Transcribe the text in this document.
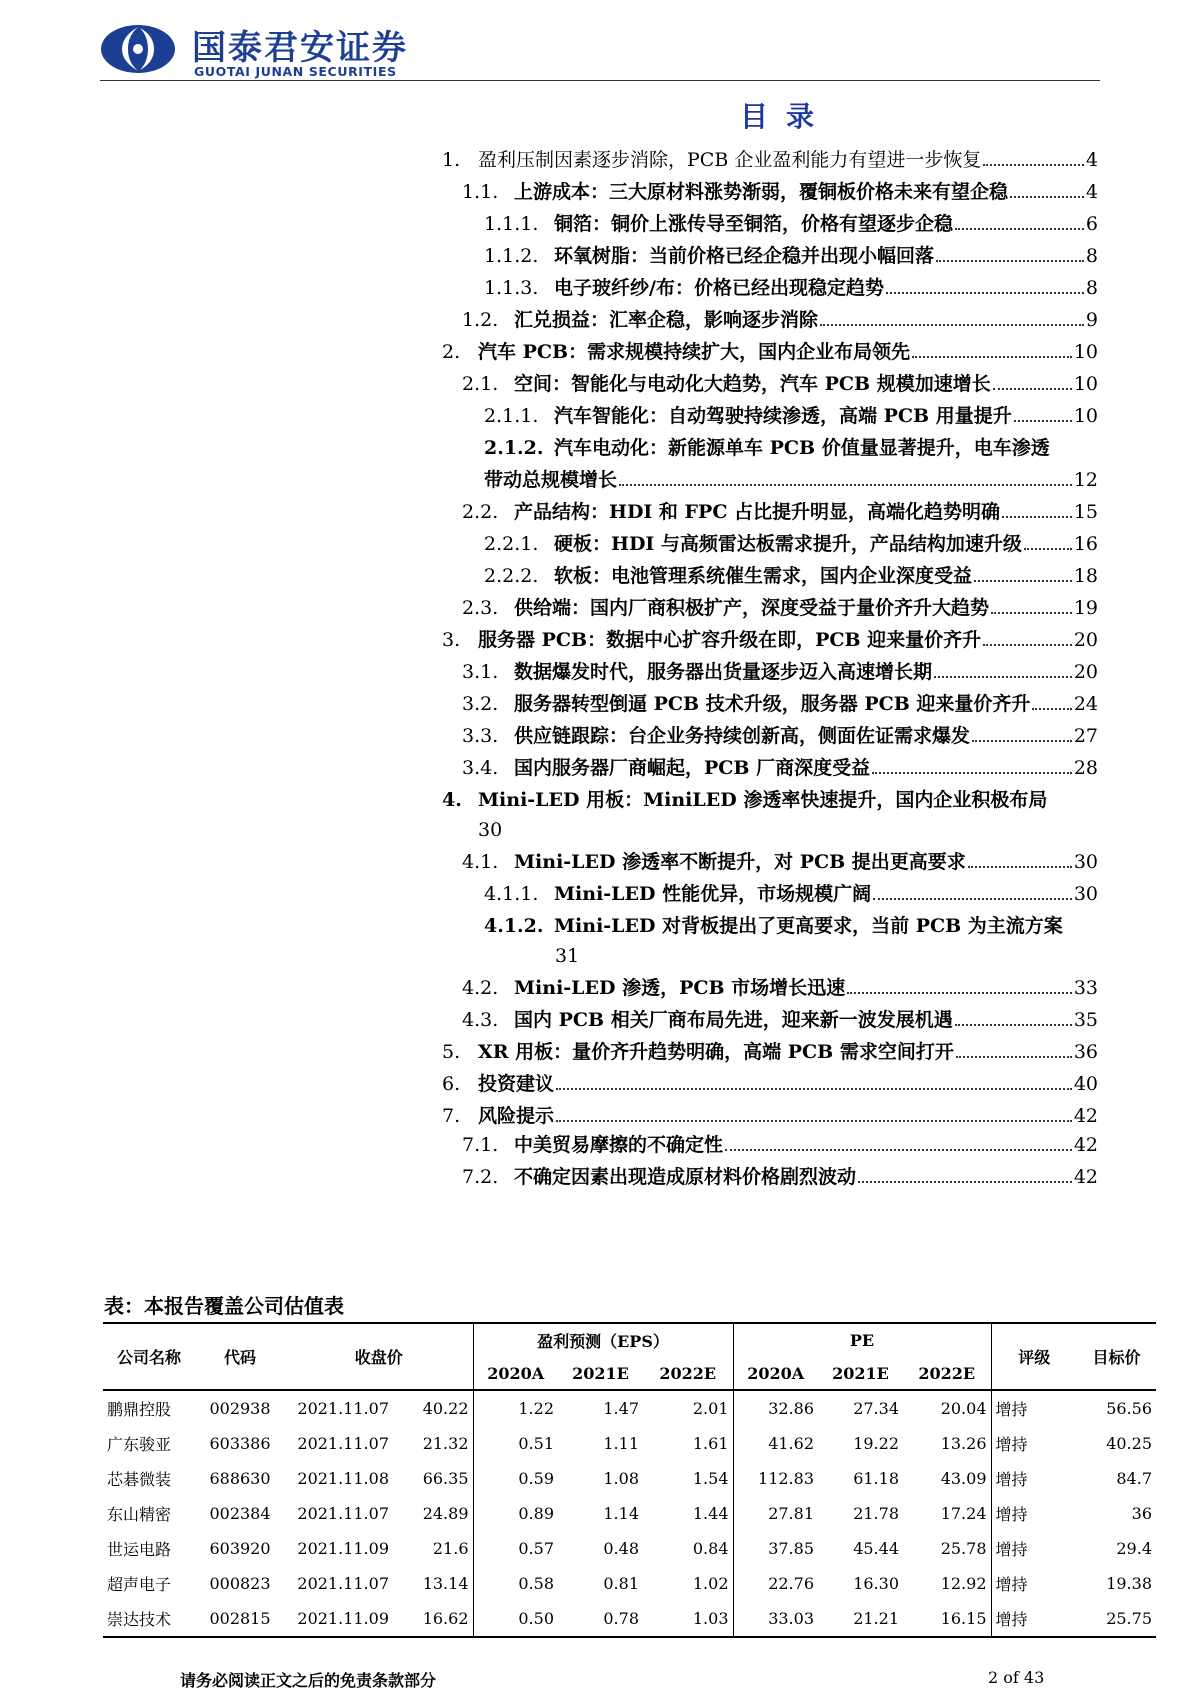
国泰君安证券
GUOTAI JUNAN SECURITIES
目录
1. 盈利压制因素逐步消除，PCB 企业盈利能力有望进一步恢复	4
1.1. 上游成本：三大原材料涨势渐弱，覆铜板价格未来有望企稳	4
1.1.1. 铜箔：铜价上涨传导至铜箔，价格有望逐步企稳	6
1.1.2. 环氧树脂：当前价格已经企稳并出现小幅回落	8
1.1.3. 电子玻纤纱/布：价格已经出现稳定趋势	8
1.2. 汇兑损益：汇率企稳，影响逐步消除	9
2. 汽车 PCB：需求规模持续扩大，国内企业布局领先	10
2.1. 空间：智能化与电动化大趋势，汽车 PCB 规模加速增长	10
2.1.1. 汽车智能化：自动驾驶持续渗透，高端 PCB 用量提升	10
2.1.2. 汽车电动化：新能源单车 PCB 价值量显著提升，电车渗透
带动总规模增长	12
2.2. 产品结构：HDI 和 FPC 占比提升明显，高端化趋势明确	15
2.2.1. 硬板：HDI 与高频雷达板需求提升，产品结构加速升级	16
2.2.2. 软板：电池管理系统催生需求，国内企业深度受益	18
2.3. 供给端：国内厂商积极扩产，深度受益于量价齐升大趋势	19
3. 服务器 PCB：数据中心扩容升级在即，PCB 迎来量价齐升	20
3.1. 数据爆发时代，服务器出货量逐步迈入高速增长期	20
3.2. 服务器转型倒逼 PCB 技术升级，服务器 PCB 迎来量价齐升 24
3.3. 供应链跟踪：台企业务持续创新高，侧面佐证需求爆发	27
3.4. 国内服务器厂商崛起，PCB 厂商深度受益	28
4. Mini-LED 用板：MiniLED 渗透率快速提升，国内企业积极布局
30
4.1. Mini-LED 渗透率不断提升，对 PCB 提出更高要求	30
4.1.1. Mini-LED 性能优异，市场规模广阔	30
4.1.2. Mini-LED 对背板提出了更高要求，当前 PCB 为主流方案
31
4.2. Mini-LED 渗透，PCB 市场增长迅速	33
4.3. 国内 PCB 相关厂商布局先进，迎来新一波发展机遇	35
5. XR 用板：量价齐升趋势明确，高端 PCB 需求空间打开	36
6. 投资建议	40
7. 风险提示	42
7.1. 中美贸易摩擦的不确定性	42
7.2. 不确定因素出现造成原材料价格剧烈波动	42
表：本报告覆盖公司估值表
公司名称	代码	收盘价		盈利预测（EPS）			PE			评级	目标价
				2020A	2021E	2022E	2020A	2021E	2022E		
鹏鼎控股	002938	2021.11.07	40.22	1.22	1.47	2.01	32.86	27.34	20.04	增持	56.56
广东骏亚	603386	2021.11.07	21.32	0.51	1.11	1.61	41.62	19.22	13.26	增持	40.25
芯碁微装	688630	2021.11.08	66.35	0.59	1.08	1.54	112.83	61.18	43.09	增持	84.7
东山精密	002384	2021.11.07	24.89	0.89	1.14	1.44	27.81	21.78	17.24	增持	36
世运电路	603920	2021.11.09	21.6	0.57	0.48	0.84	37.85	45.44	25.78	增持	29.4
超声电子	000823	2021.11.07	13.14	0.58	0.81	1.02	22.76	16.30	12.92	增持	19.38
崇达技术	002815	2021.11.09	16.62	0.50	0.78	1.03	33.03	21.21	16.15	增持	25.75
请务必阅读正文之后的免责条款部分	2 of 43
